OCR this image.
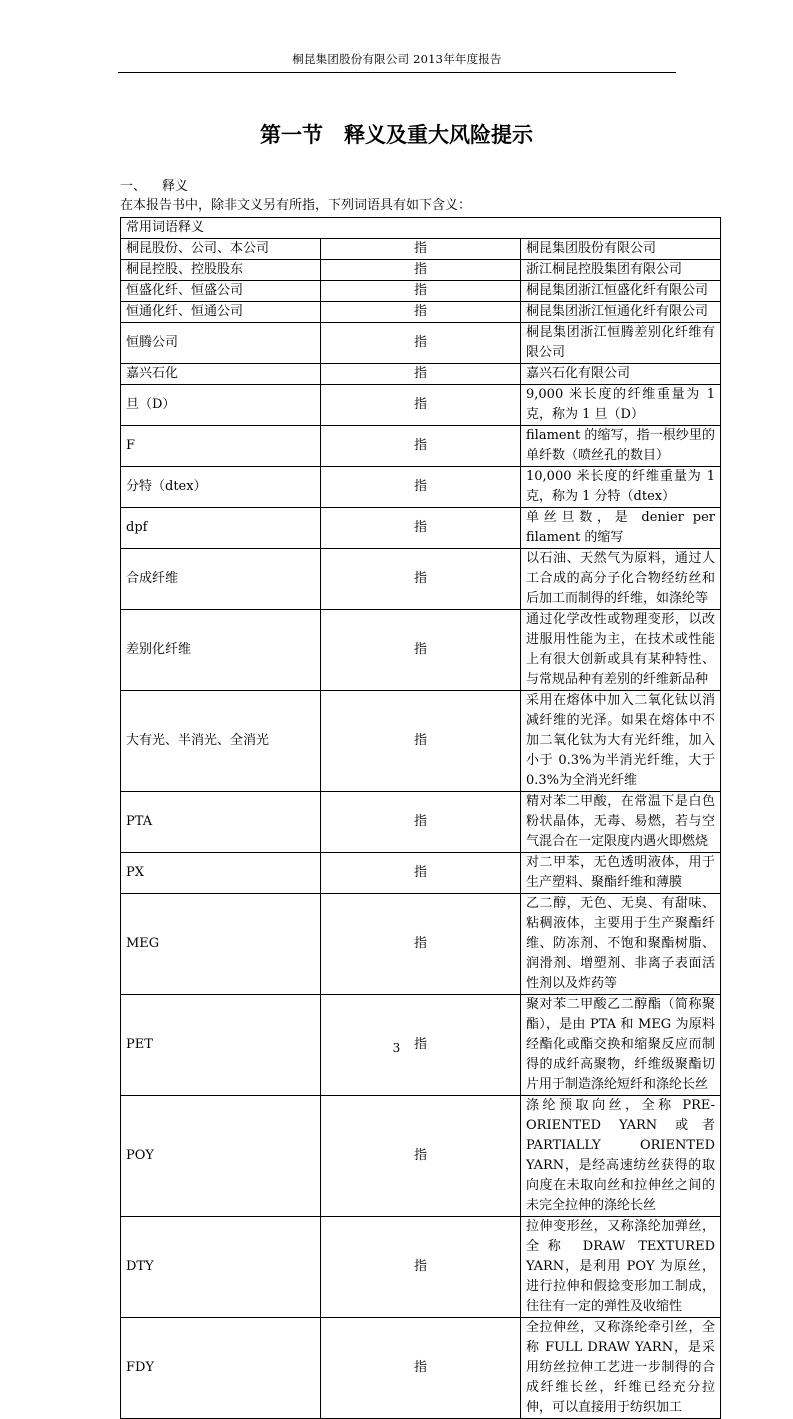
桐昆集团股份有限公司 2013年年度报告
第一节　释义及重大风险提示
一、 释义
在本报告书中，除非文义另有所指，下列词语具有如下含义：
常用词语释义		
桐昆股份、公司、本公司	指	桐昆集团股份有限公司
桐昆控股、控股股东	指	浙江桐昆控股集团有限公司
恒盛化纤、恒盛公司	指	桐昆集团浙江恒盛化纤有限公司
恒通化纤、恒通公司	指	桐昆集团浙江恒通化纤有限公司
恒腾公司	指	桐昆集团浙江恒腾差别化纤维有限公司
嘉兴石化	指	嘉兴石化有限公司
旦（D）	指	9,000 米长度的纤维重量为 1 克，称为 1 旦（D）
F	指	filament 的缩写，指一根纱里的单纤数（喷丝孔的数目）
分特（dtex）	指	10,000 米长度的纤维重量为 1 克，称为 1 分特（dtex）
dpf	指	单丝旦数，是 denier per filament 的缩写
合成纤维	指	以石油、天然气为原料，通过人工合成的高分子化合物经纺丝和后加工而制得的纤维，如涤纶等
差别化纤维	指	通过化学改性或物理变形，以改进服用性能为主，在技术或性能上有很大创新或具有某种特性、与常规品种有差别的纤维新品种
大有光、半消光、全消光	指	采用在熔体中加入二氧化钛以消减纤维的光泽。如果在熔体中不加二氧化钛为大有光纤维，加入小于 0.3%为半消光纤维，大于 0.3%为全消光纤维
PTA	指	精对苯二甲酸，在常温下是白色粉状晶体，无毒、易燃，若与空气混合在一定限度内遇火即燃烧
PX	指	对二甲苯，无色透明液体，用于生产塑料、聚酯纤维和薄膜
MEG	指	乙二醇，无色、无臭、有甜味、粘稠液体，主要用于生产聚酯纤维、防冻剂、不饱和聚酯树脂、润滑剂、增塑剂、非离子表面活性剂以及炸药等
PET	指	聚对苯二甲酸乙二醇酯（简称聚酯），是由 PTA 和 MEG 为原料经酯化或酯交换和缩聚反应而制得的成纤高聚物，纤维级聚酯切片用于制造涤纶短纤和涤纶长丝
POY	指	涤纶预取向丝，全称 PRE-ORIENTED YARN 或者 PARTIALLY ORIENTED YARN，是经高速纺丝获得的取向度在未取向丝和拉伸丝之间的未完全拉伸的涤纶长丝
DTY	指	拉伸变形丝，又称涤纶加弹丝，全称 DRAW TEXTURED YARN，是利用 POY 为原丝，进行拉伸和假捻变形加工制成，往往有一定的弹性及收缩性
FDY	指	全拉伸丝，又称涤纶牵引丝，全称 FULL DRAW YARN，是采用纺丝拉伸工艺进一步制得的合成纤维长丝，纤维已经充分拉伸，可以直接用于纺织加工
3
